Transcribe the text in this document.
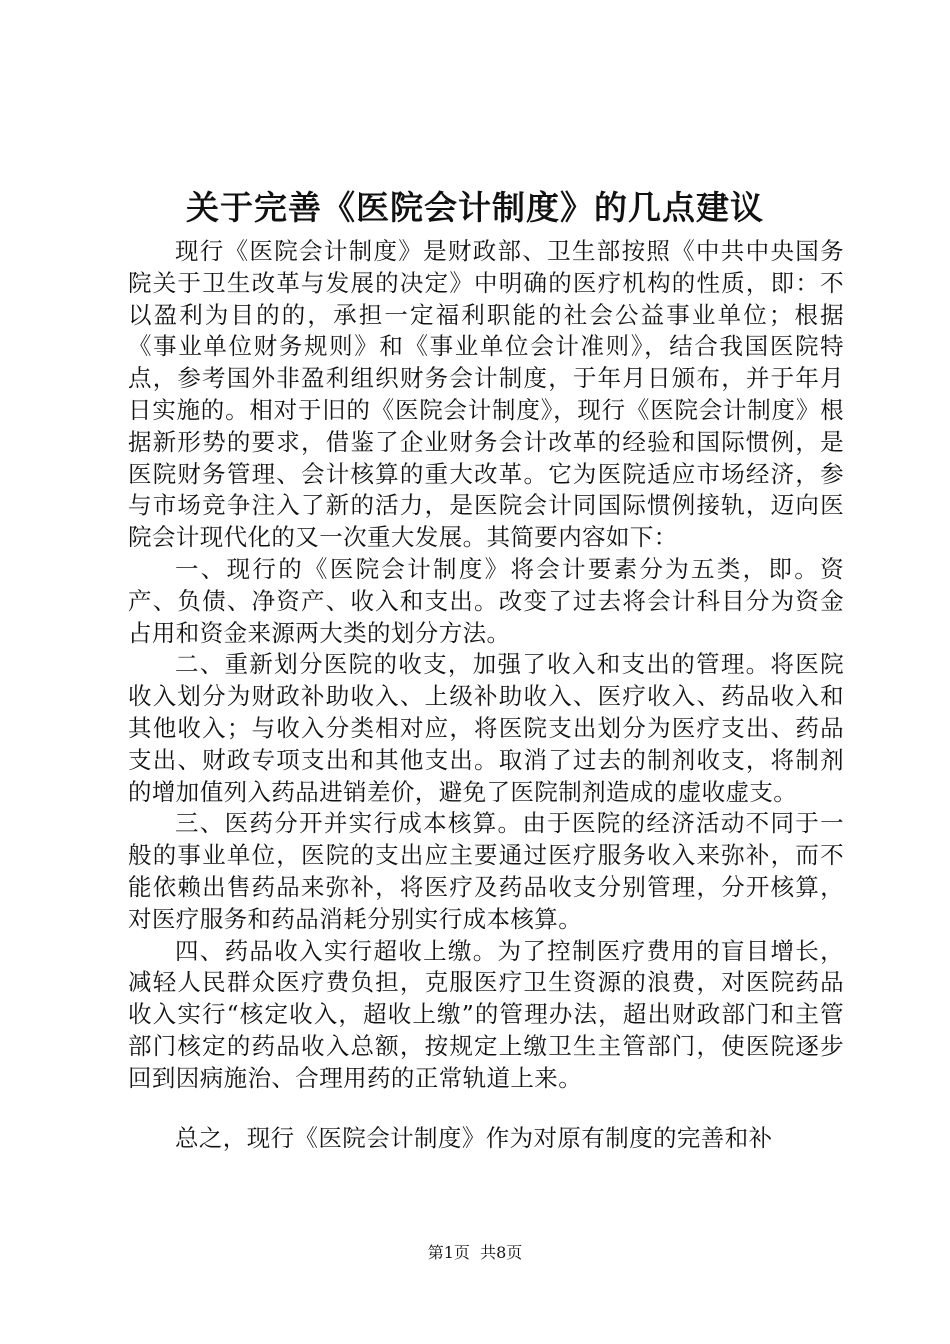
关于完善《医院会计制度》的几点建议

现行《医院会计制度》是财政部、卫生部按照《中共中央国务院关于卫生改革与发展的决定》中明确的医疗机构的性质，即：不以盈利为目的的，承担一定福利职能的社会公益事业单位；根据《事业单位财务规则》和《事业单位会计准则》，结合我国医院特点，参考国外非盈利组织财务会计制度，于年月日颁布，并于年月日实施的。相对于旧的《医院会计制度》，现行《医院会计制度》根据新形势的要求，借鉴了企业财务会计改革的经验和国际惯例，是医院财务管理、会计核算的重大改革。它为医院适应市场经济，参与市场竞争注入了新的活力，是医院会计同国际惯例接轨，迈向医院会计现代化的又一次重大发展。其简要内容如下：

一、现行的《医院会计制度》将会计要素分为五类，即。资产、负债、净资产、收入和支出。改变了过去将会计科目分为资金占用和资金来源两大类的划分方法。

二、重新划分医院的收支，加强了收入和支出的管理。将医院收入划分为财政补助收入、上级补助收入、医疗收入、药品收入和其他收入；与收入分类相对应，将医院支出划分为医疗支出、药品支出、财政专项支出和其他支出。取消了过去的制剂收支，将制剂的增加值列入药品进销差价，避免了医院制剂造成的虚收虚支。

三、医药分开并实行成本核算。由于医院的经济活动不同于一般的事业单位，医院的支出应主要通过医疗服务收入来弥补，而不能依赖出售药品来弥补，将医疗及药品收支分别管理，分开核算，对医疗服务和药品消耗分别实行成本核算。

四、药品收入实行超收上缴。为了控制医疗费用的盲目增长，减轻人民群众医疗费负担，克服医疗卫生资源的浪费，对医院药品收入实行“核定收入，超收上缴”的管理办法，超出财政部门和主管部门核定的药品收入总额，按规定上缴卫生主管部门，使医院逐步回到因病施治、合理用药的正常轨道上来。

总之，现行《医院会计制度》作为对原有制度的完善和补

第1页 共8页
